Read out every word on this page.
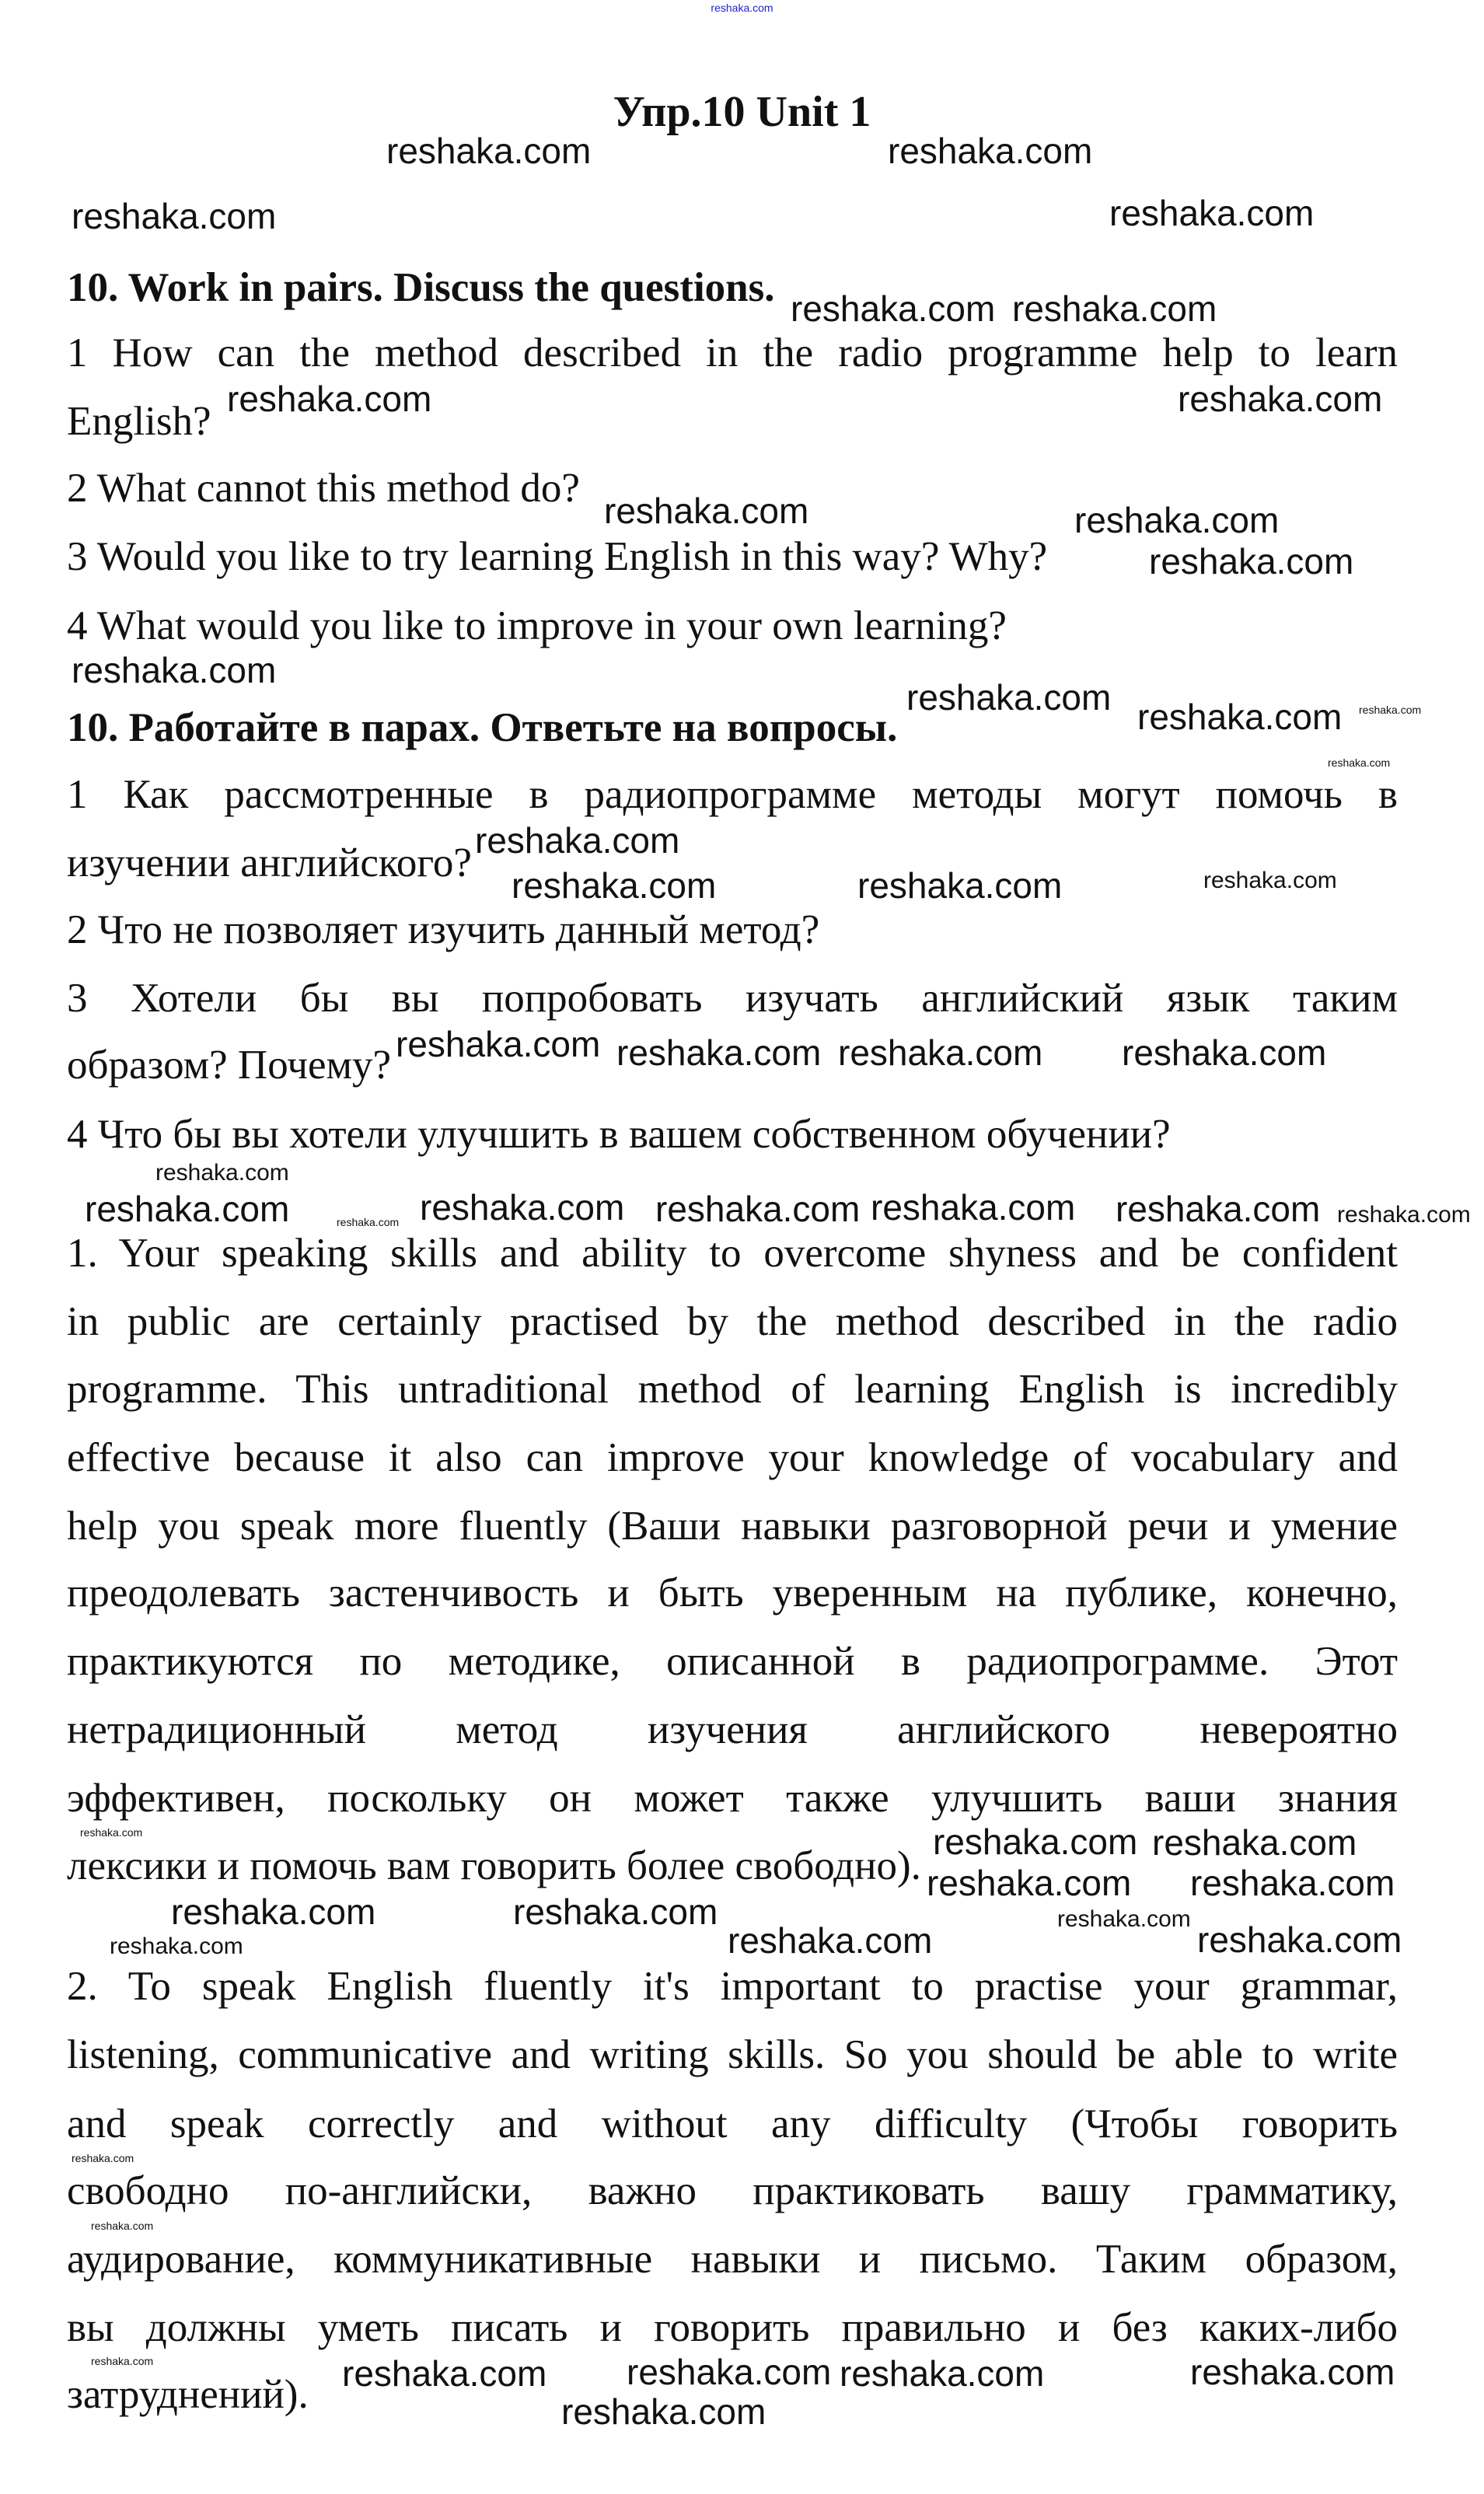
reshaka.com
Упр.10 Unit 1
10. Work in pairs. Discuss the questions.
1 How can the method described in the radio programme help to learn
English?
2 What cannot this method do?
3 Would you like to try learning English in this way? Why?
4 What would you like to improve in your own learning?
10. Работайте в парах. Ответьте на вопросы.
1 Как рассмотренные в радиопрограмме методы могут помочь в
изучении английского?
2 Что не позволяет изучить данный метод?
3 Хотели бы вы попробовать изучать английский язык таким
образом? Почему?
4 Что бы вы хотели улучшить в вашем собственном обучении?
1. Your speaking skills and ability to overcome shyness and be confident
in public are certainly practised by the method described in the radio
programme. This untraditional method of learning English is incredibly
effective because it also can improve your knowledge of vocabulary and
help you speak more fluently (Ваши навыки разговорной речи и умение
преодолевать застенчивость и быть уверенным на публике, конечно,
практикуются по методике, описанной в радиопрограмме. Этот
нетрадиционный метод изучения английского невероятно
эффективен, поскольку он может также улучшить ваши знания
лексики и помочь вам говорить более свободно).
2. To speak English fluently it's important to practise your grammar,
listening, communicative and writing skills. So you should be able to write
and speak correctly and without any difficulty (Чтобы говорить
свободно по-английски, важно практиковать вашу грамматику,
аудирование, коммуникативные навыки и письмо. Таким образом,
вы должны уметь писать и говорить правильно и без каких-либо
затруднений).
reshaka.com	reshaka.com
reshaka.com	reshaka.com
reshaka.com reshaka.com
reshaka.com	reshaka.com
reshaka.com	reshaka.com
reshaka.com
reshaka.com
reshaka.com reshaka.com
reshaka.com
reshaka.com	reshaka.com
reshaka.com reshaka.com reshaka.com reshaka.com
reshaka.com	reshaka.com	reshaka.com
reshaka.com	reshaka.com
reshaka.com
reshaka.com
reshaka.com
reshaka.com
reshaka.com
reshaka.com
reshaka.com	reshaka.com
reshaka.com
reshaka.com	reshaka.com
reshaka.com
reshaka.com
reshaka.com
reshaka.com
reshaka.com
reshaka.com
reshaka.com
reshaka.com
reshaka.com
reshaka.com
reshaka.com
reshaka.com
reshaka.com
reshaka.com
